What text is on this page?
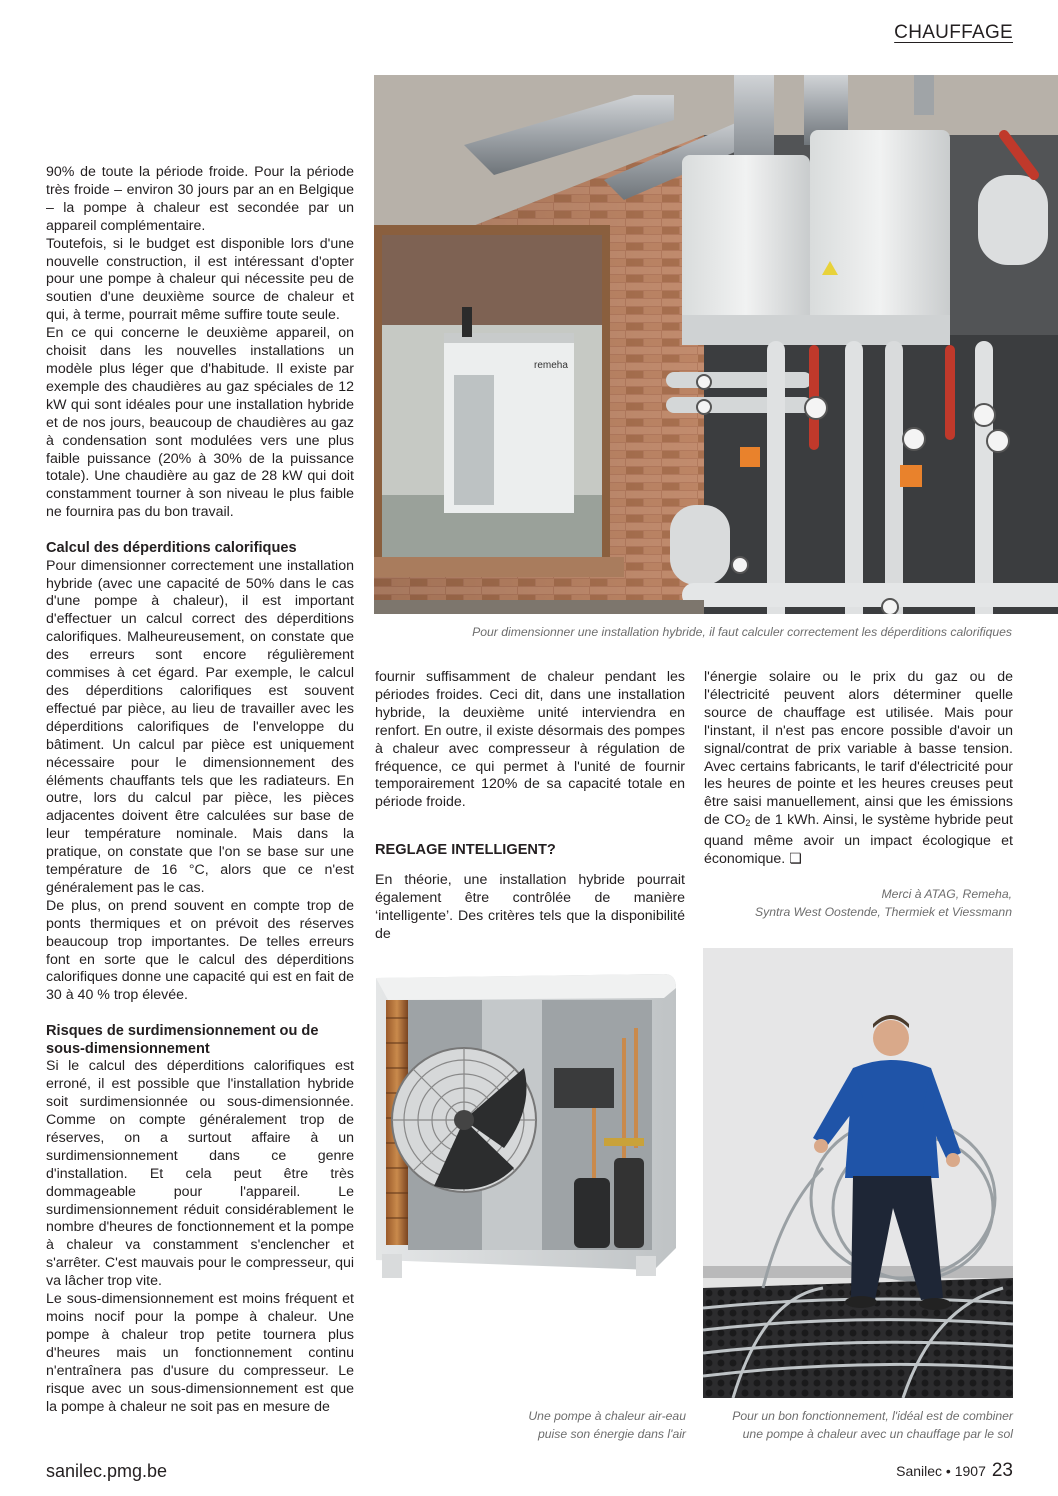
CHAUFFAGE
remeha
Pour dimensionner une installation hybride, il faut calculer correctement les déperditions calorifiques

90% de toute la période froide. Pour la période très froide – environ 30 jours par an en Belgique – la pompe à chaleur est secondée par un appareil complémentaire.

Toutefois, si le budget est disponible lors d'une nouvelle construction, il est intéressant d'opter pour une pompe à chaleur qui nécessite peu de soutien d'une deuxième source de chaleur et qui, à terme, pourrait même suffire toute seule.

En ce qui concerne le deuxième appareil, on choisit dans les nouvelles installations un modèle plus léger que d'habitude. Il existe par exemple des chaudières au gaz spéciales de 12 kW qui sont idéales pour une installation hybride et de nos jours, beaucoup de chaudières au gaz à condensation sont modulées vers une plus faible puissance (20% à 30% de la puissance totale). Une chaudière au gaz de 28 kW qui doit constamment tourner à son niveau le plus faible ne fournira pas du bon travail.

Calcul des déperditions calorifiques

Pour dimensionner correctement une installation hybride (avec une capacité de 50% dans le cas d'une pompe à chaleur), il est important d'effectuer un calcul correct des déperditions calorifiques. Malheureusement, on constate que des erreurs sont encore régulièrement commises à cet égard. Par exemple, le calcul des déperditions calorifiques est souvent effectué par pièce, au lieu de travailler avec les déperditions calorifiques de l'enveloppe du bâtiment. Un calcul par pièce est uniquement nécessaire pour le dimensionnement des éléments chauffants tels que les radiateurs. En outre, lors du calcul par pièce, les pièces adjacentes doivent être calculées sur base de leur température nominale. Mais dans la pratique, on constate que l'on se base sur une température de 16 °C, alors que ce n'est généralement pas le cas.

De plus, on prend souvent en compte trop de ponts thermiques et on prévoit des réserves beaucoup trop importantes. De telles erreurs font en sorte que le calcul des déperditions calorifiques donne une capacité qui est en fait de 30 à 40 % trop élevée.

Risques de surdimensionnement ou de sous-dimensionnement

Si le calcul des déperditions calorifiques est erroné, il est possible que l'installation hybride soit surdimensionnée ou sous-dimensionnée. Comme on compte généralement trop de réserves, on a surtout affaire à un surdimensionnement dans ce genre d'installation. Et cela peut être très dommageable pour l'appareil. Le surdimensionnement réduit considérablement le nombre d'heures de fonctionnement et la pompe à chaleur va constamment s'enclencher et s'arrêter. C'est mauvais pour le compresseur, qui va lâcher trop vite.

Le sous-dimensionnement est moins fréquent et moins nocif pour la pompe à chaleur. Une pompe à chaleur trop petite tournera plus d'heures mais un fonctionnement continu n'entraînera pas d'usure du compresseur. Le risque avec un sous-dimensionnement est que la pompe à chaleur ne soit pas en mesure de

fournir suffisamment de chaleur pendant les périodes froides. Ceci dit, dans une installation hybride, la deuxième unité interviendra en renfort. En outre, il existe désormais des pompes à chaleur avec compresseur à régulation de fréquence, ce qui permet à l'unité de fournir temporairement 120% de sa capacité totale en période froide.

REGLAGE INTELLIGENT?

En théorie, une installation hybride pourrait également être contrôlée de manière ‘intelligente’. Des critères tels que la disponibilité de

l'énergie solaire ou le prix du gaz ou de l'électricité peuvent alors déterminer quelle source de chauffage est utilisée. Mais pour l'instant, il n'est pas encore possible d'avoir un signal/contrat de prix variable à basse tension. Avec certains fabricants, le tarif d'électricité pour les heures de pointe et les heures creuses peut être saisi manuellement, ainsi que les émissions de $CO_2$ de 1 kWh. Ainsi, le système hybride peut quand même avoir un impact écologique et économique. ❏

Merci à ATAG, Remeha,
Syntra West Oostende, Thermiek et Viessmann
Une pompe à chaleur air-eau
puise son énergie dans l'air
Pour un bon fonctionnement, l'idéal est de combiner
une pompe à chaleur avec un chauffage par le sol
sanilec.pmg.be	Sanilec • 1907 23
